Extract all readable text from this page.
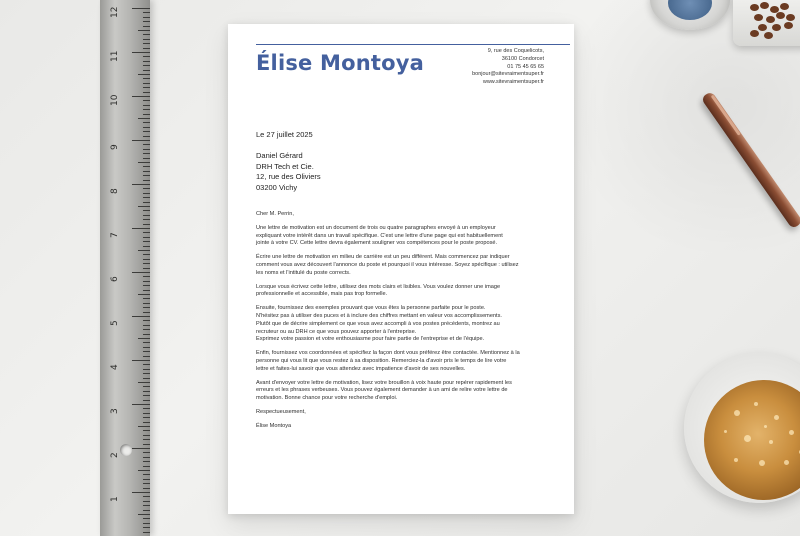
12
11
10
9
8
7
6
5
4
3
2
1
Élise Montoya	9, rue des Coquelicots,
36100 Condorcet
01 75 45 65 65
bonjour@sitevraimentsuper.fr
www.sitevraimentsuper.fr
Le 27 juillet 2025
Daniel Gérard
DRH Tech et Cie.
12, rue des Oliviers
03200 Vichy

Cher M. Perrin,

Une lettre de motivation est un document de trois ou quatre paragraphes envoyé à un employeur
expliquant votre intérêt dans un travail spécifique. C'est une lettre d'une page qui est habituellement
jointe à votre CV. Cette lettre devra également souligner vos compétences pour le poste proposé.

Écrire une lettre de motivation en milieu de carrière est un peu différent. Mais commencez par indiquer
comment vous avez découvert l'annonce du poste et pourquoi il vous intéresse. Soyez spécifique : utilisez
les noms et l'intitulé du poste corrects.

Lorsque vous écrivez cette lettre, utilisez des mots clairs et lisibles. Vous voulez donner une image
professionnelle et accessible, mais pas trop formelle.

Ensuite, fournissez des exemples prouvant que vous êtes la personne parfaite pour le poste.
N'hésitez pas à utiliser des puces et à inclure des chiffres mettant en valeur vos accomplissements.
Plutôt que de décrire simplement ce que vous avez accompli à vos postes précédents, montrez au
recruteur ou au DRH ce que vous pouvez apporter à l'entreprise.
Exprimez votre passion et votre enthousiasme pour faire partie de l'entreprise et de l'équipe.

Enfin, fournissez vos coordonnées et spécifiez la façon dont vous préférez être contactée. Mentionnez à la
personne qui vous lit que vous restez à sa disposition. Remerciez-la d'avoir pris le temps de lire votre
lettre et faites-lui savoir que vous attendez avec impatience d'avoir de ses nouvelles.

Avant d'envoyer votre lettre de motivation, lisez votre brouillon à voix haute pour repérer rapidement les
erreurs et les phrases verbeuses. Vous pouvez également demander à un ami de relire votre lettre de
motivation. Bonne chance pour votre recherche d'emploi.

Respectueusement,

Élise Montoya
